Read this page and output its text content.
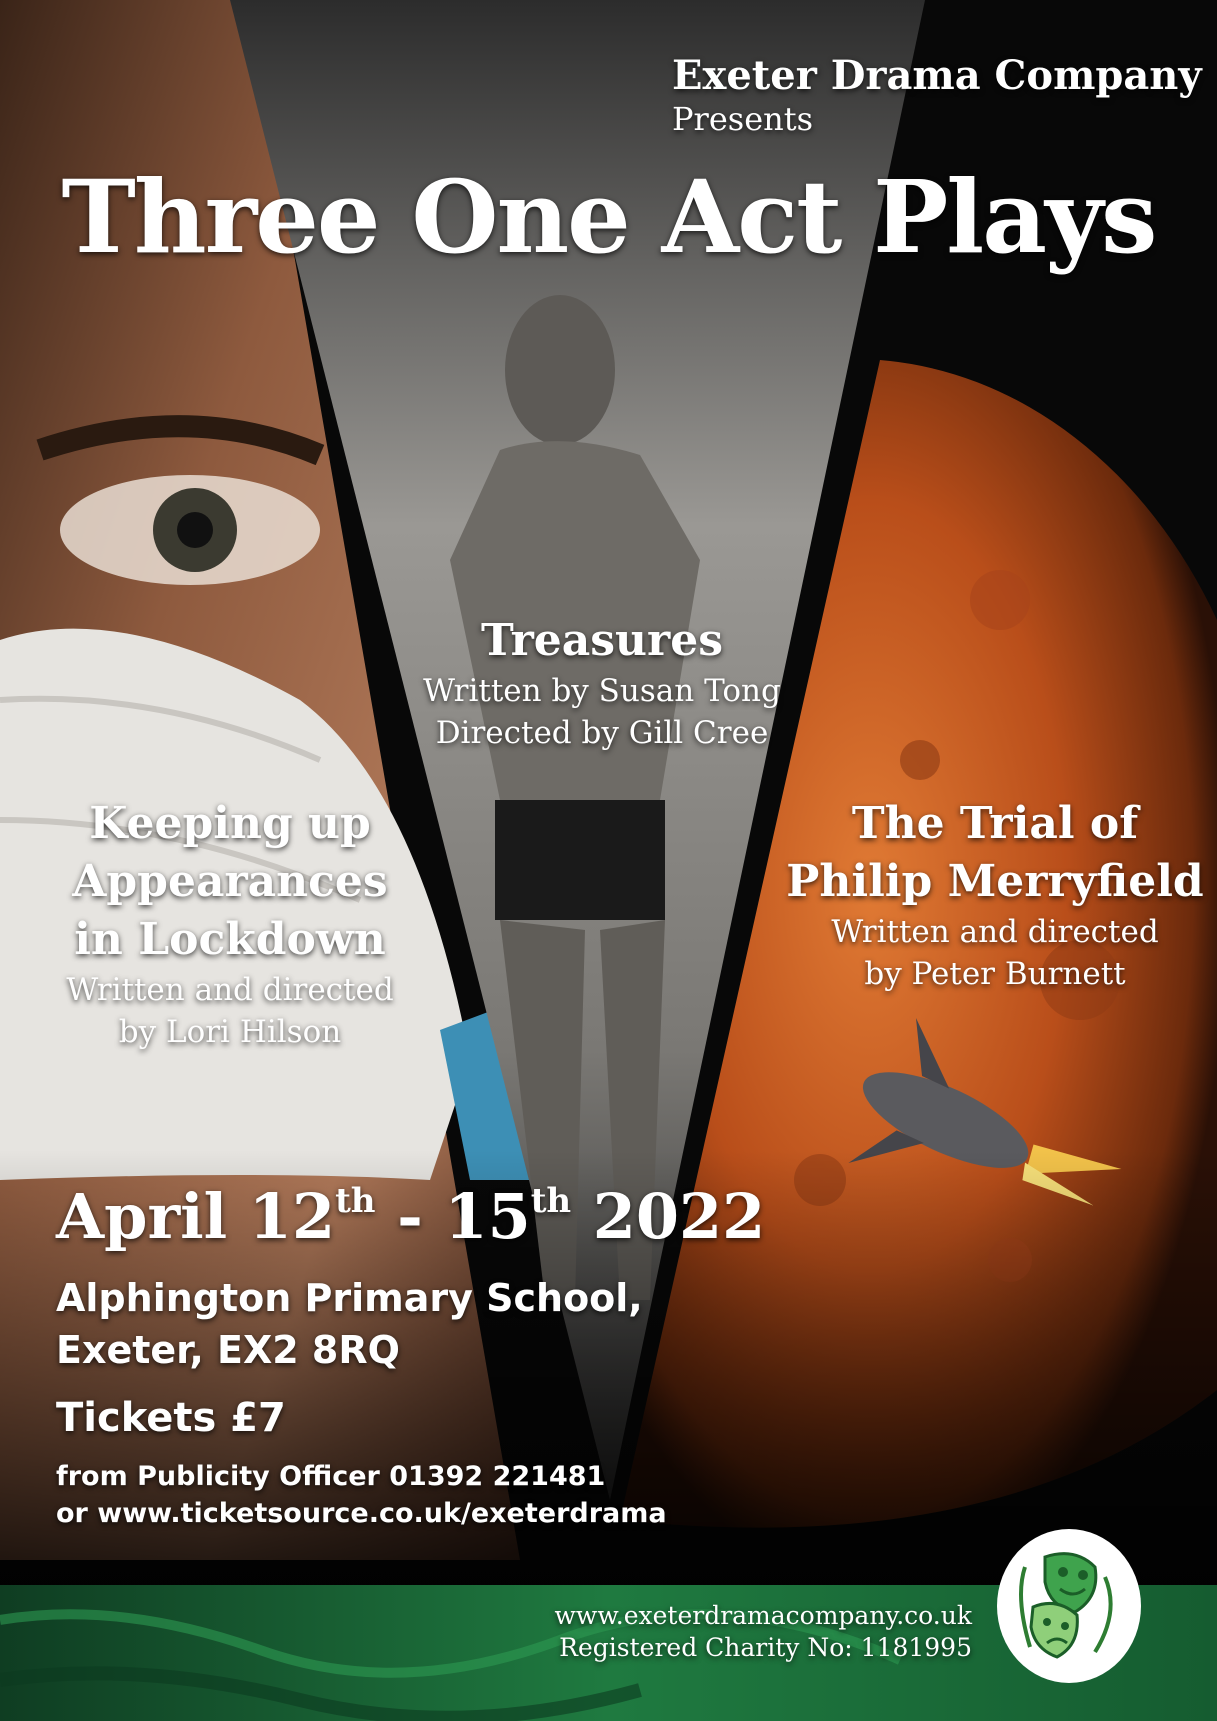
Exeter Drama Company
Presents
Three One Act Plays
Keeping up
Appearances
in Lockdown
Written and directed
by Lori Hilson
Treasures
Written by Susan Tong
Directed by Gill Cree
The Trial of
Philip Merryfield
Written and directed
by Peter Burnett
April 12th - 15th 2022
Alphington Primary School,
Exeter, EX2 8RQ
Tickets £7
from Publicity Officer 01392 221481
or www.ticketsource.co.uk/exeterdrama
www.exeterdramacompany.co.uk
Registered Charity No: 1181995
